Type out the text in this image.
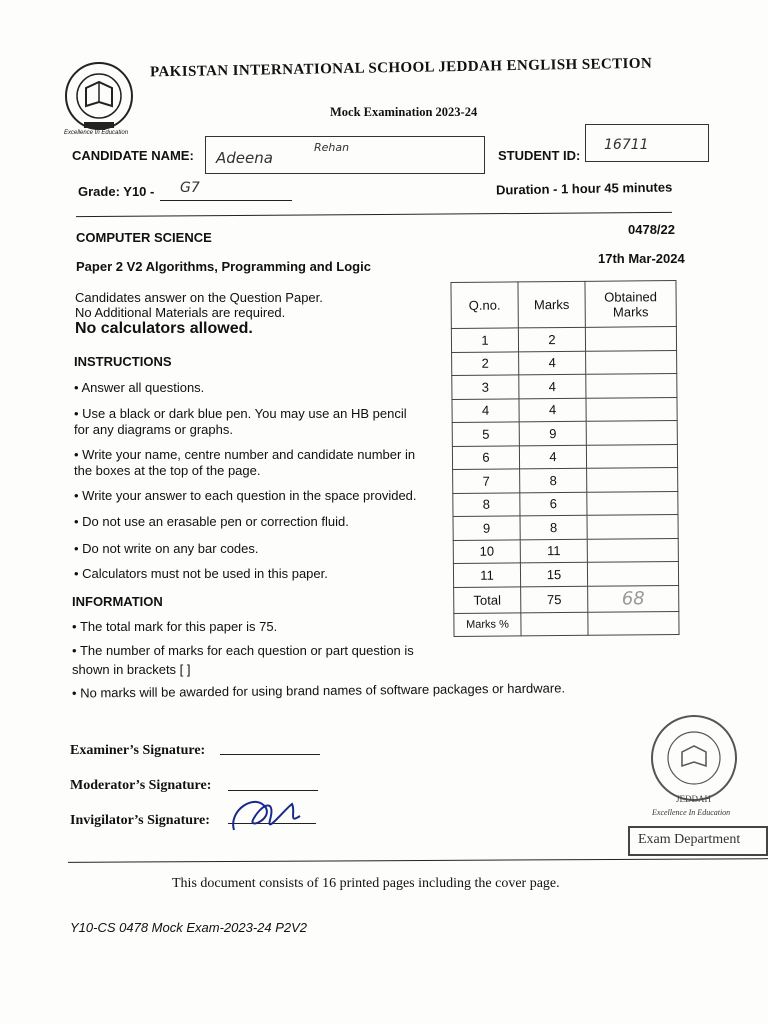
Excellence In Education
PAKISTAN INTERNATIONAL SCHOOL JEDDAH ENGLISH SECTION
Mock Examination 2023-24
CANDIDATE NAME: Adeena
Rehan
STUDENT ID:
16711
Grade: Y10 - G7	Duration - 1 hour 45 minutes
COMPUTER SCIENCE
0478/22
Paper 2 V2 Algorithms, Programming and Logic
17th Mar-2024
Candidates answer on the Question Paper.
No Additional Materials are required.
No calculators allowed.
INSTRUCTIONS
• Answer all questions.
• Use a black or dark blue pen. You may use an HB pencil
for any diagrams or graphs.
• Write your name, centre number and candidate number in
the boxes at the top of the page.
• Write your answer to each question in the space provided.
• Do not use an erasable pen or correction fluid.
• Do not write on any bar codes.
• Calculators must not be used in this paper.
INFORMATION
• The total mark for this paper is 75.
• The number of marks for each question or part question is
shown in brackets [ ]
• No marks will be awarded for using brand names of software packages or hardware.
Q.no.	Marks	Obtained Marks
1	2	
2	4	
3	4	
4	4	
5	9	
6	4	
7	8	
8	6	
9	8	
10	11	
11	15	
Total	75	68
Marks %		
Examiner’s Signature:
Moderator’s Signature:
Invigilator’s Signature:
JEDDAH
Excellence In Education
Exam Department
This document consists of 16 printed pages including the cover page.
Y10-CS 0478 Mock Exam-2023-24 P2V2
